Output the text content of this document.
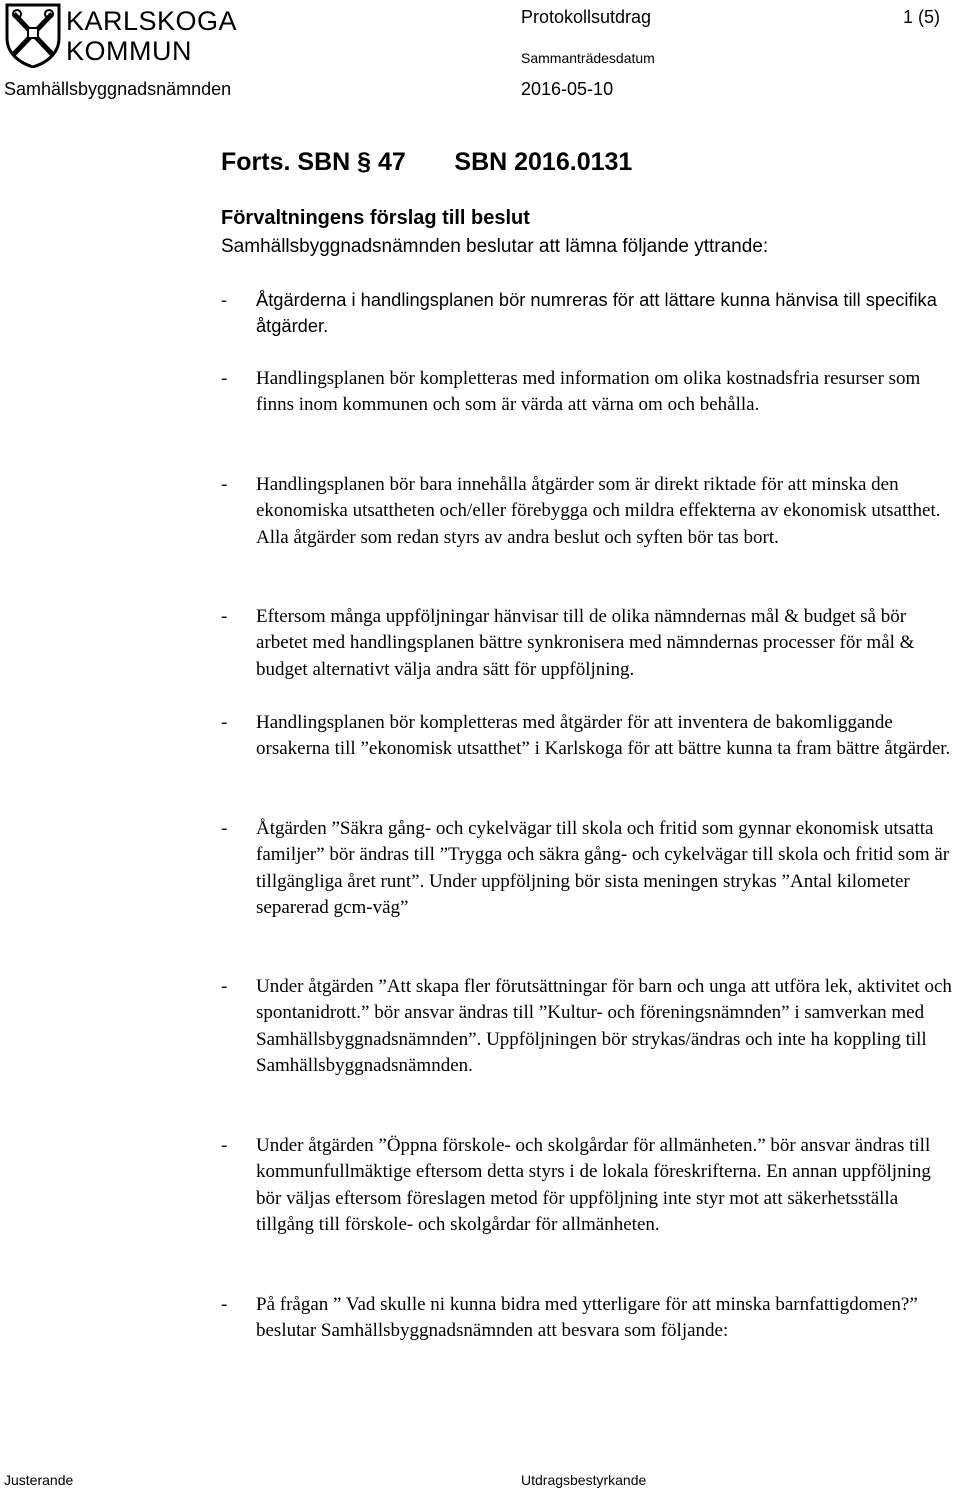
KARLSKOGA
KOMMUN
Samhällsbyggnadsnämnden
Protokollsutdrag	1 (5)
Sammanträdesdatum
2016-05-10
Forts. SBN § 47       SBN 2016.0131
Förvaltningens förslag till beslut
Samhällsbyggnadsnämnden beslutar att lämna följande yttrande:
- Åtgärderna i handlingsplanen bör numreras för att lättare kunna hänvisa till specifika åtgärder.
- Handlingsplanen bör kompletteras med information om olika kostnadsfria resurser som finns inom kommunen och som är värda att värna om och behålla.
- Handlingsplanen bör bara innehålla åtgärder som är direkt riktade för att minska den ekonomiska utsattheten och/eller förebygga och mildra effekterna av ekonomisk utsatthet. Alla åtgärder som redan styrs av andra beslut och syften bör tas bort.
- Eftersom många uppföljningar hänvisar till de olika nämndernas mål & budget så bör arbetet med handlingsplanen bättre synkronisera med nämndernas processer för mål & budget alternativt välja andra sätt för uppföljning.
- Handlingsplanen bör kompletteras med åtgärder för att inventera de bakomliggande orsakerna till ”ekonomisk utsatthet” i Karlskoga för att bättre kunna ta fram bättre åtgärder.
- Åtgärden ”Säkra gång- och cykelvägar till skola och fritid som gynnar ekonomisk utsatta familjer” bör ändras till ”Trygga och säkra gång- och cykelvägar till skola och fritid som är tillgängliga året runt”. Under uppföljning bör sista meningen strykas ”Antal kilometer separerad gcm-väg”
- Under åtgärden ”Att skapa fler förutsättningar för barn och unga att utföra lek, aktivitet och spontanidrott.” bör ansvar ändras till ”Kultur- och föreningsnämnden” i samverkan med Samhällsbyggnadsnämnden”. Uppföljningen bör strykas/ändras och inte ha koppling till Samhällsbyggnadsnämnden.
- Under åtgärden ”Öppna förskole- och skolgårdar för allmänheten.” bör ansvar ändras till kommunfullmäktige eftersom detta styrs i de lokala föreskrifterna. En annan uppföljning bör väljas eftersom föreslagen metod för uppföljning inte styr mot att säkerhetsställa tillgång till förskole- och skolgårdar för allmänheten.
- På frågan ” Vad skulle ni kunna bidra med ytterligare för att minska barnfattigdomen?” beslutar Samhällsbyggnadsnämnden att besvara som följande:
Justerande	Utdragsbestyrkande
